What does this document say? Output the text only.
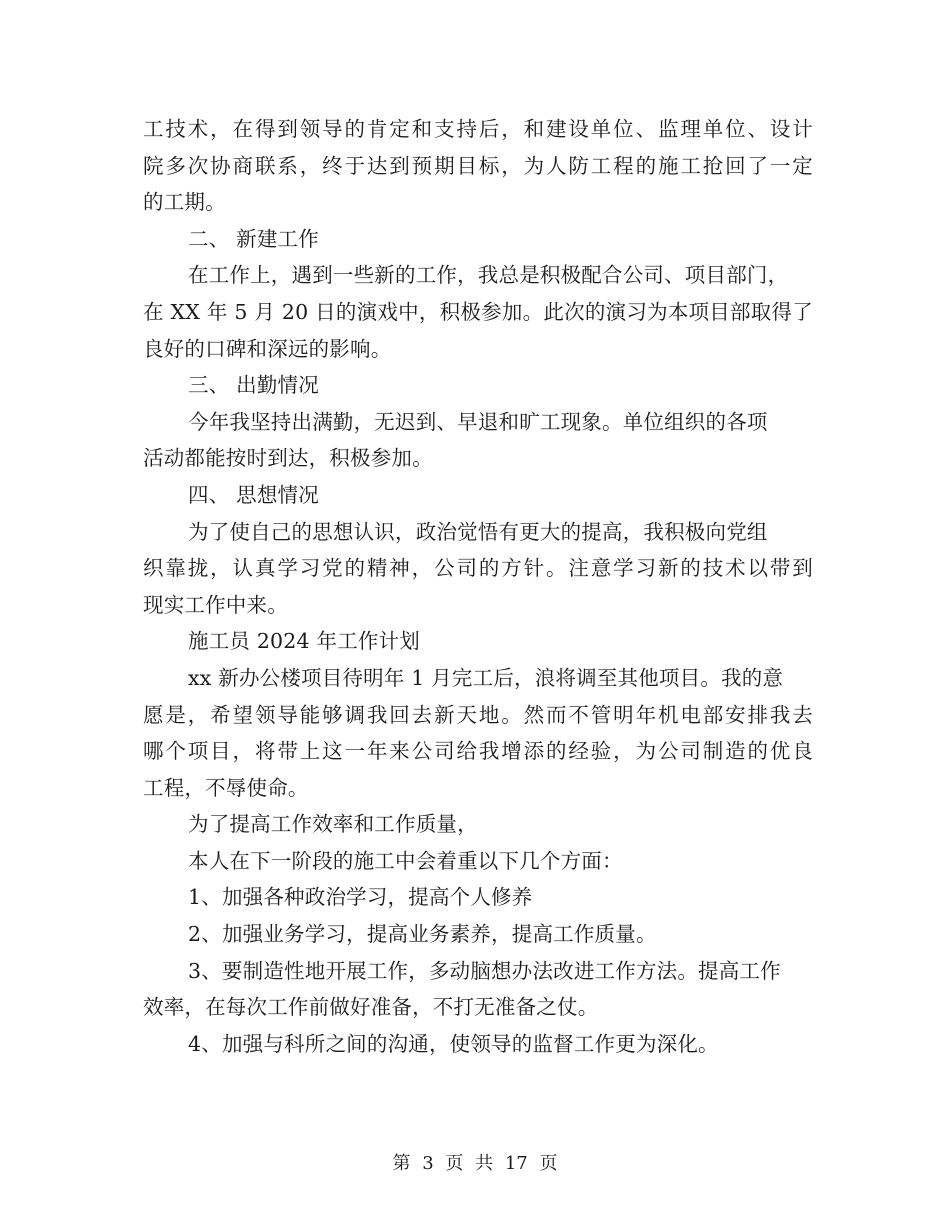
工技术，在得到领导的肯定和支持后，和建设单位、监理单位、设计
院多次协商联系，终于达到预期目标，为人防工程的施工抢回了一定
的工期。
二、 新建工作
在工作上，遇到一些新的工作，我总是积极配合公司、项目部门，
在 XX 年 5 月 20 日的演戏中，积极参加。此次的演习为本项目部取得了
良好的口碑和深远的影响。
三、 出勤情况
今年我坚持出满勤，无迟到、早退和旷工现象。单位组织的各项
活动都能按时到达，积极参加。
四、 思想情况
为了使自己的思想认识，政治觉悟有更大的提高，我积极向党组
织靠拢，认真学习党的精神，公司的方针。注意学习新的技术以带到
现实工作中来。
施工员 2024 年工作计划
xx 新办公楼项目待明年 1 月完工后，浪将调至其他项目。我的意
愿是，希望领导能够调我回去新天地。然而不管明年机电部安排我去
哪个项目，将带上这一年来公司给我增添的经验，为公司制造的优良
工程，不辱使命。
为了提高工作效率和工作质量，
本人在下一阶段的施工中会着重以下几个方面：
1、加强各种政治学习，提高个人修养
2、加强业务学习，提高业务素养，提高工作质量。
3、要制造性地开展工作，多动脑想办法改进工作方法。提高工作
效率，在每次工作前做好准备，不打无准备之仗。
4、加强与科所之间的沟通，使领导的监督工作更为深化。
第 3 页 共 17 页
